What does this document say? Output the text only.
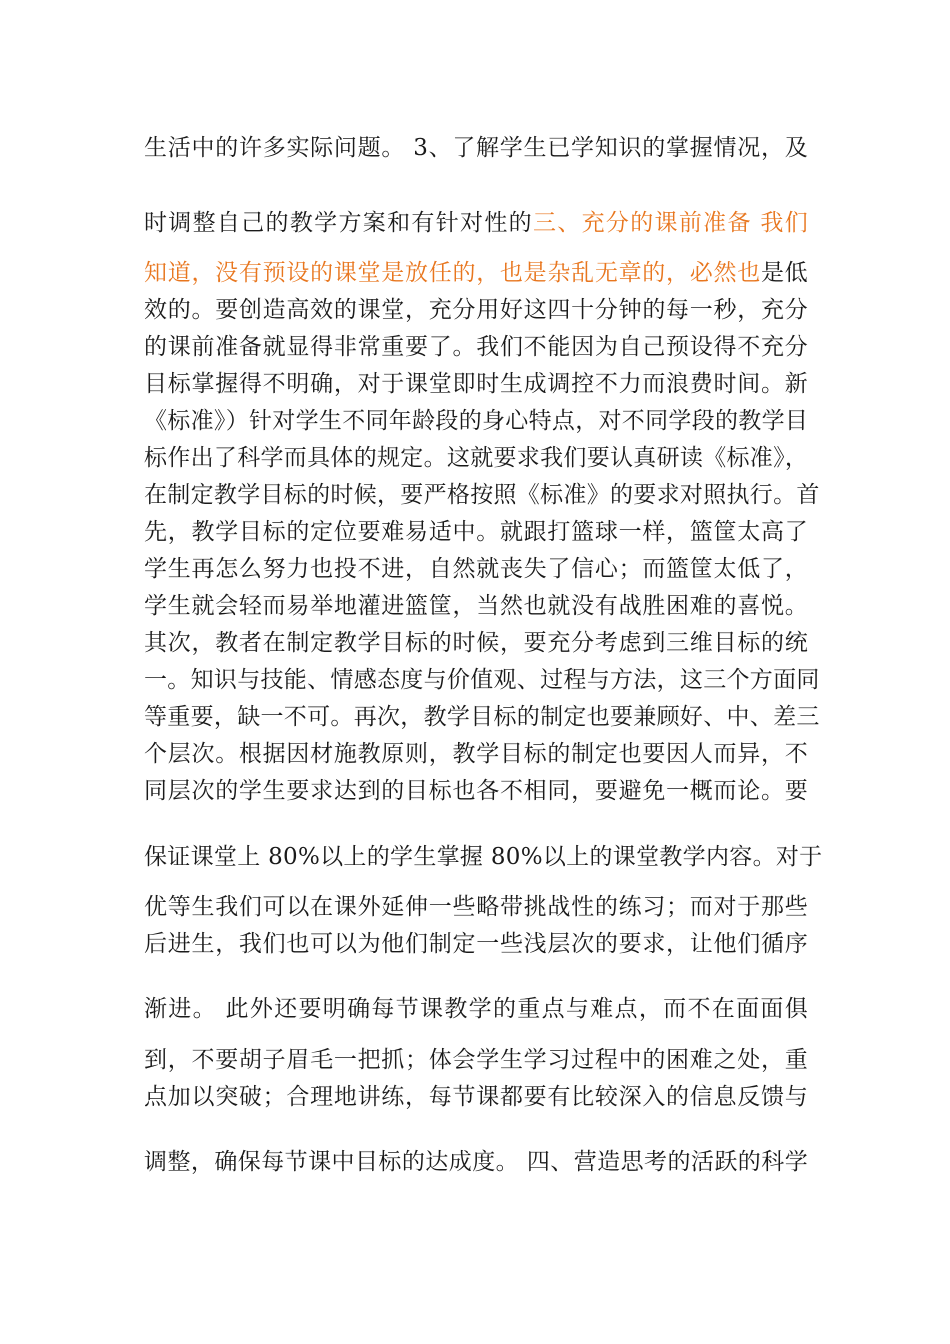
生活中的许多实际问题。 3、了解学生已学知识的掌握情况，及
时调整自己的教学方案和有针对性的三、充分的课前准备 我们
知道，没有预设的课堂是放任的，也是杂乱无章的，必然也是低
效的。要创造高效的课堂，充分用好这四十分钟的每一秒，充分
的课前准备就显得非常重要了。我们不能因为自己预设得不充分
目标掌握得不明确，对于课堂即时生成调控不力而浪费时间。新
《标准》）针对学生不同年龄段的身心特点，对不同学段的教学目
标作出了科学而具体的规定。这就要求我们要认真研读《标准》，
在制定教学目标的时候，要严格按照《标准》的要求对照执行。首
先，教学目标的定位要难易适中。就跟打篮球一样，篮筐太高了
学生再怎么努力也投不进，自然就丧失了信心；而篮筐太低了，
学生就会轻而易举地灌进篮筐，当然也就没有战胜困难的喜悦。
其次，教者在制定教学目标的时候，要充分考虑到三维目标的统
一。知识与技能、情感态度与价值观、过程与方法，这三个方面同
等重要，缺一不可。再次，教学目标的制定也要兼顾好、中、差三
个层次。根据因材施教原则，教学目标的制定也要因人而异，不
同层次的学生要求达到的目标也各不相同，要避免一概而论。要
保证课堂上 80%以上的学生掌握 80%以上的课堂教学内容。对于
优等生我们可以在课外延伸一些略带挑战性的练习；而对于那些
后进生，我们也可以为他们制定一些浅层次的要求，让他们循序
渐进。 此外还要明确每节课教学的重点与难点，而不在面面俱
到，不要胡子眉毛一把抓；体会学生学习过程中的困难之处，重
点加以突破；合理地讲练，每节课都要有比较深入的信息反馈与
调整，确保每节课中目标的达成度。 四、营造思考的活跃的科学
